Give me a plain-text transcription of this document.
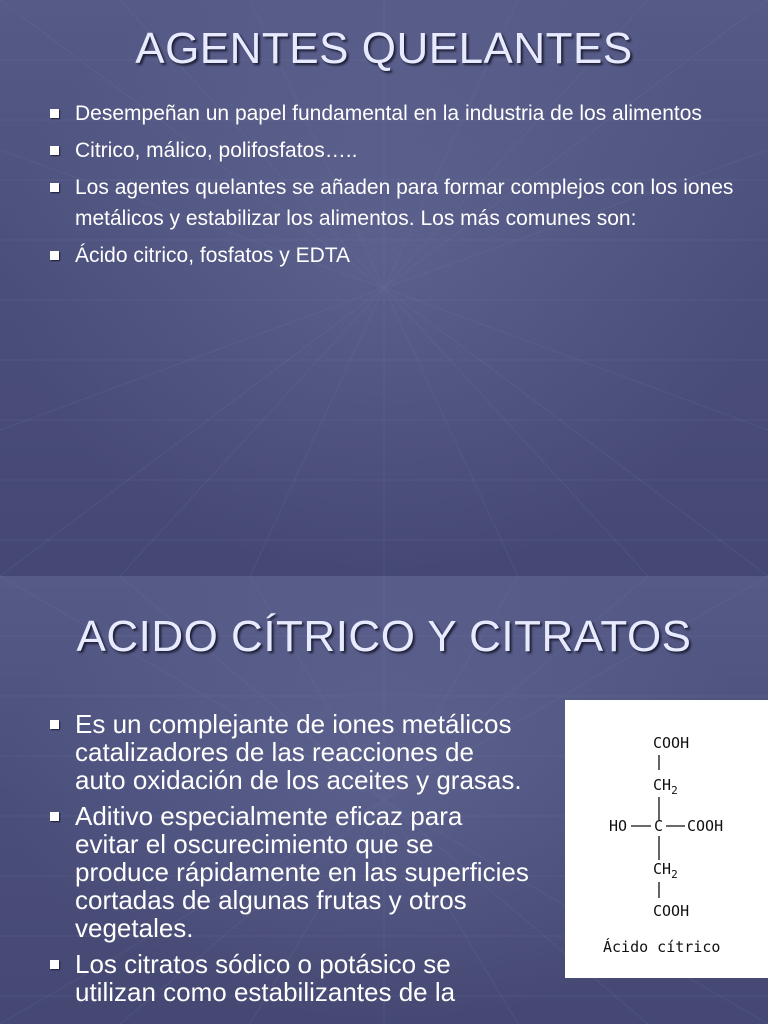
AGENTES QUELANTES
Desempeñan un papel fundamental en la industria de los alimentos
Citrico, málico, polifosfatos…..
Los agentes quelantes se añaden para formar complejos con los iones metálicos y estabilizar los alimentos. Los más comunes son:
Ácido citrico, fosfatos y EDTA
ACIDO CÍTRICO Y CITRATOS
Es un complejante de iones metálicos catalizadores de las reacciones de auto oxidación de los aceites y grasas.
Aditivo especialmente eficaz para evitar el oscurecimiento que se produce rápidamente en las superficies cortadas de algunas frutas y otros vegetales.
Los citratos sódico o potásico se utilizan como estabilizantes de la
COOH
$CH_2$
HO C COOH
$CH_2$
COOH
Ácido cítrico
